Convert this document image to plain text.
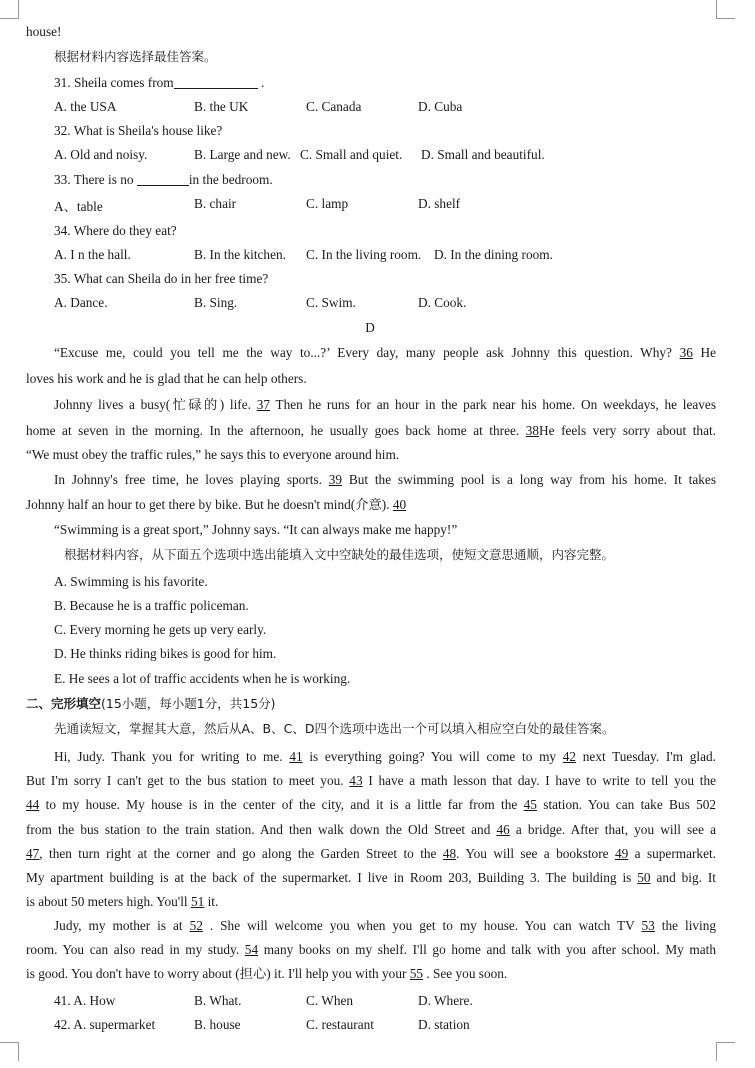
house!
根据材料内容选择最佳答案。
31. Sheila comes from	.
A. the USA	B. the UK	C. Canada	D. Cuba
32. What is Sheila's house like?
A. Old and noisy.	B. Large and new. C. Small and quiet. D. Small and beautiful.
33. There is no	in the bedroom.
A、table	B. chair	C. lamp	D. shelf
34. Where do they eat?
A. I n the hall.	B. In the kitchen. C. In the living room. D. In the dining room.
35. What can Sheila do in her free time?
A. Dance.	B. Sing.	C. Swim.	D. Cook.
D
“Excuse me, could you tell me the way to...?’ Every day, many people ask Johnny this question. Why? 36 He
loves his work and he is glad that he can help others.
Johnny lives a busy(忙碌的) life. 37 Then he runs for an hour in the park near his home. On weekdays, he leaves
home at seven in the morning. In the afternoon, he usually goes back home at three. 38He feels very sorry about that.
“We must obey the traffic rules,” he says this to everyone around him.
In Johnny's free time, he loves playing sports. 39 But the swimming pool is a long way from his home. It takes
Johnny half an hour to get there by bike. But he doesn't mind(介意). 40
“Swimming is a great sport,” Johnny says. “It can always make me happy!”
根据材料内容，从下面五个选项中选出能填入文中空缺处的最佳选项，使短文意思通顺，内容完整。
A. Swimming is his favorite.
B. Because he is a traffic policeman.
C. Every morning he gets up very early.
D. He thinks riding bikes is good for him.
E. He sees a lot of traffic accidents when he is working.
二、完形填空(15小题，每小题1分，共15分)
先通读短文，掌握其大意，然后从A、B、C、D四个选项中选出一个可以填入相应空白处的最佳答案。
Hi, Judy. Thank you for writing to me. 41 is everything going? You will come to my 42 next Tuesday. I'm glad.
But I'm sorry I can't get to the bus station to meet you. 43 I have a math lesson that day. I have to write to tell you the
44 to my house. My house is in the center of the city, and it is a little far from the 45 station. You can take Bus 502
from the bus station to the train station. And then walk down the Old Street and 46 a bridge. After that, you will see a
47, then turn right at the corner and go along the Garden Street to the 48. You will see a bookstore 49 a supermarket.
My apartment building is at the back of the supermarket. I live in Room 203, Building 3. The building is 50 and big. It
is about 50 meters high. You'll 51 it.
Judy, my mother is at 52 . She will welcome you when you get to my house. You can watch TV 53 the living
room. You can also read in my study. 54 many books on my shelf. I'll go home and talk with you after school. My math
is good. You don't have to worry about (担心) it. I'll help you with your 55 . See you soon.
41. A. How	B. What.	C. When	D. Where.
42. A. supermarket	B. house	C. restaurant	D. station
